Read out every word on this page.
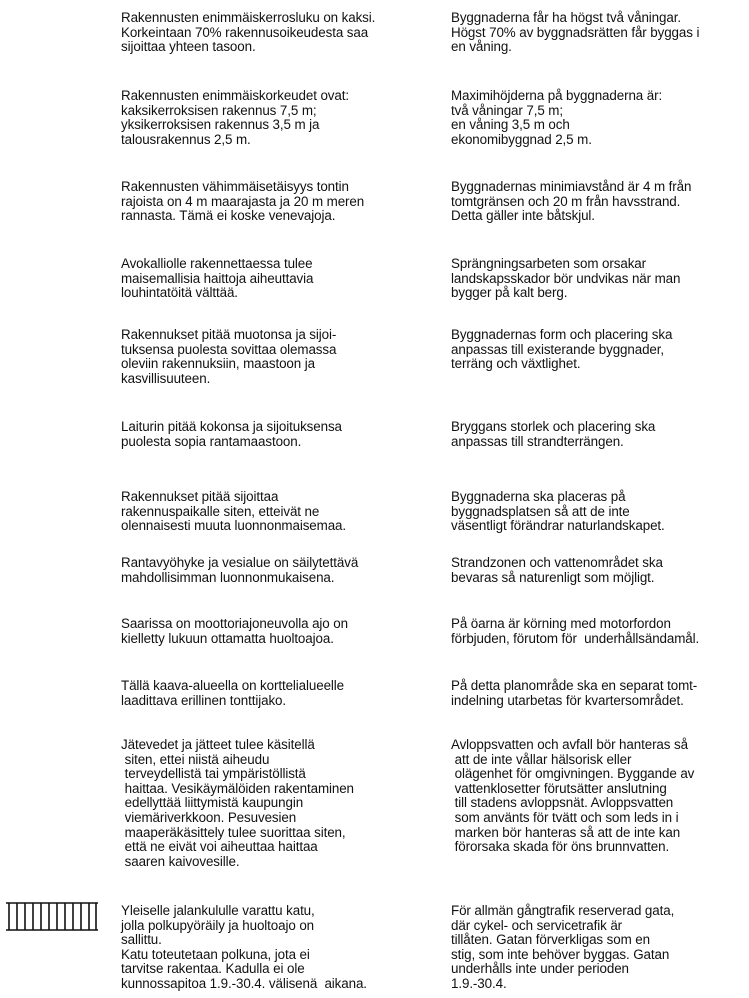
Rakennusten enimmäiskerrosluku on kaksi.
Korkeintaan 70% rakennusoikeudesta saa
sijoittaa yhteen tasoon.
Byggnaderna får ha högst två våningar.
Högst 70% av byggnadsrätten får byggas i
en våning.
Rakennusten enimmäiskorkeudet ovat:
kaksikerroksisen rakennus 7,5 m;
yksikerroksisen rakennus 3,5 m ja
talousrakennus 2,5 m.
Maximihöjderna på byggnaderna är:
två våningar 7,5 m;
en våning 3,5 m och
ekonomibyggnad 2,5 m.
Rakennusten vähimmäisetäisyys tontin
rajoista on 4 m maarajasta ja 20 m meren
rannasta. Tämä ei koske venevajoja.
Byggnadernas minimiavstånd är 4 m från
tomtgränsen och 20 m från havsstrand.
Detta gäller inte båtskjul.
Avokalliolle rakennettaessa tulee
maisemallisia haittoja aiheuttavia
louhintatöitä välttää.
Sprängningsarbeten som orsakar
landskapsskador bör undvikas när man
bygger på kalt berg.
Rakennukset pitää muotonsa ja sijoi-
tuksensa puolesta sovittaa olemassa
oleviin rakennuksiin, maastoon ja
kasvillisuuteen.
Byggnadernas form och placering ska
anpassas till existerande byggnader,
terräng och växtlighet.
Laiturin pitää kokonsa ja sijoituksensa
puolesta sopia rantamaastoon.
Bryggans storlek och placering ska
anpassas till strandterrängen.
Rakennukset pitää sijoittaa
rakennuspaikalle siten, etteivät ne
olennaisesti muuta luonnonmaisemaa.
Byggnaderna ska placeras på
byggnadsplatsen så att de inte
väsentligt förändrar naturlandskapet.
Rantavyöhyke ja vesialue on säilytettävä
mahdollisimman luonnonmukaisena.
Strandzonen och vattenområdet ska
bevaras så naturenligt som möjligt.
Saarissa on moottoriajoneuvolla ajo on
kielletty lukuun ottamatta huoltoajoa.
På öarna är körning med motorfordon
förbjuden, förutom för  underhållsändamål.
Tällä kaava-alueella on korttelialueelle
laadittava erillinen tonttijako.
På detta planområde ska en separat tomt-
indelning utarbetas för kvartersområdet.
Jätevedet ja jätteet tulee käsitellä
siten, ettei niistä aiheudu
terveydellistä tai ympäristöllistä
haittaa. Vesikäymälöiden rakentaminen
edellyttää liittymistä kaupungin
viemäriverkkoon. Pesuvesien
maaperäkäsittely tulee suorittaa siten,
että ne eivät voi aiheuttaa haittaa
saaren kaivovesille.
Avloppsvatten och avfall bör hanteras så
att de inte vållar hälsorisk eller
olägenhet för omgivningen. Byggande av
vattenklosetter förutsätter anslutning
till stadens avloppsnät. Avloppsvatten
som använts för tvätt och som leds in i
marken bör hanteras så att de inte kan
förorsaka skada för öns brunnvatten.
Yleiselle jalankululle varattu katu,
jolla polkupyöräily ja huoltoajo on
sallittu.
Katu toteutetaan polkuna, jota ei
tarvitse rakentaa. Kadulla ei ole
kunnossapitoa 1.9.-30.4. välisenä  aikana.
För allmän gångtrafik reserverad gata,
där cykel- och servicetrafik är
tillåten. Gatan förverkligas som en
stig, som inte behöver byggas. Gatan
underhålls inte under perioden
1.9.-30.4.
